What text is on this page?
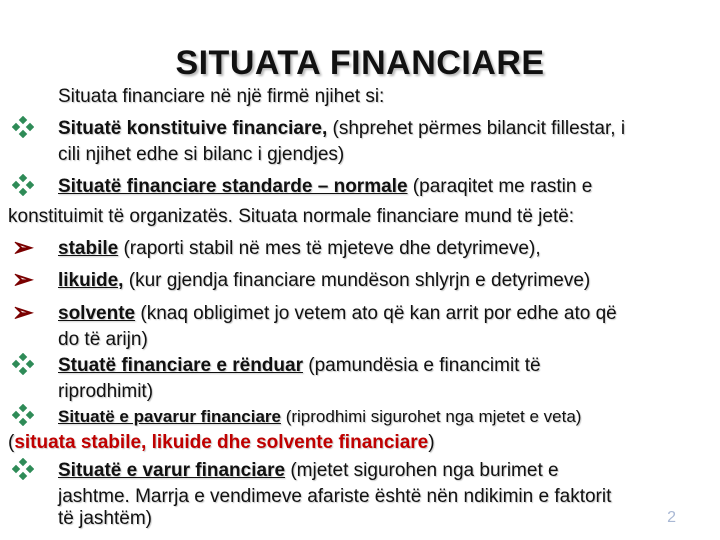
SITUATA FINANCIARE
Situata financiare në një firmë njihet si:
Situatë konstituive financiare, (shprehet përmes bilancit fillestar, i
cili njihet edhe si bilanc i gjendjes)
Situatë financiare standarde – normale (paraqitet me rastin e
konstituimit të organizatës. Situata normale financiare mund të jetë:
➢ stabile (raporti stabil në mes të mjeteve dhe detyrimeve),
➢ likuide, (kur gjendja financiare mundëson shlyrjn e detyrimeve)
➢ solvente (knaq obligimet jo vetem ato që kan arrit por edhe ato që
do të arijn)
Stuatë financiare e rënduar (pamundësia e financimit të
riprodhimit)
Situatë e pavarur financiare (riprodhimi sigurohet nga mjetet e veta)
(situata stabile, likuide dhe solvente financiare)
Situatë e varur financiare (mjetet sigurohen nga burimet e
jashtme. Marrja e vendimeve afariste është nën ndikimin e faktorit
të jashtëm)	2
